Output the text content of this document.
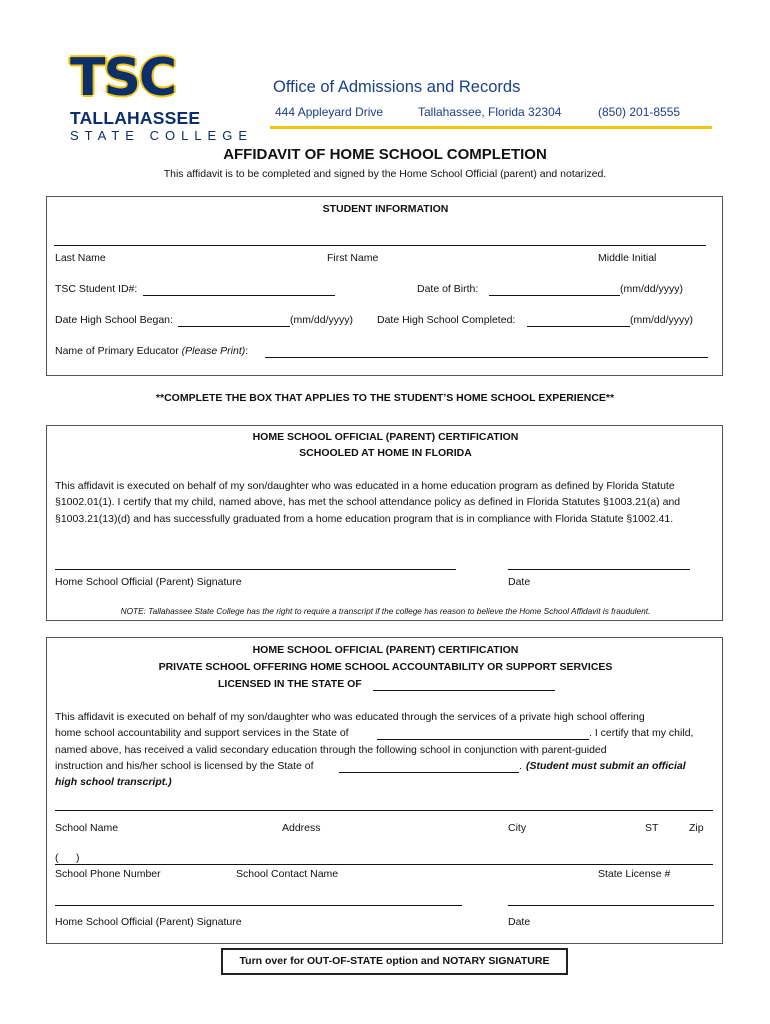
TSC
TALLAHASSEE
STATE COLLEGE
Office of Admissions and Records
444 Appleyard Drive	Tallahassee, Florida 32304	(850) 201-8555
AFFIDAVIT OF HOME SCHOOL COMPLETION
This affidavit is to be completed and signed by the Home School Official (parent) and notarized.
STUDENT INFORMATION
Last Name	First Name	Middle Initial
TSC Student ID#:	Date of Birth:	(mm/dd/yyyy)
Date High School Began:	(mm/dd/yyyy) Date High School Completed:	(mm/dd/yyyy)
Name of Primary Educator (Please Print):
**COMPLETE THE BOX THAT APPLIES TO THE STUDENT’S HOME SCHOOL EXPERIENCE**
HOME SCHOOL OFFICIAL (PARENT) CERTIFICATION
SCHOOLED AT HOME IN FLORIDA
This affidavit is executed on behalf of my son/daughter who was educated in a home education program as defined by Florida Statute §1002.01(1). I certify that my child, named above, has met the school attendance policy as defined in Florida Statutes §1003.21(a) and §1003.21(13)(d) and has successfully graduated from a home education program that is in compliance with Florida Statute §1002.41.
Home School Official (Parent) Signature	Date
NOTE: Tallahassee State College has the right to require a transcript if the college has reason to believe the Home School Affidavit is fraudulent.
HOME SCHOOL OFFICIAL (PARENT) CERTIFICATION
PRIVATE SCHOOL OFFERING HOME SCHOOL ACCOUNTABILITY OR SUPPORT SERVICES
LICENSED IN THE STATE OF
This affidavit is executed on behalf of my son/daughter who was educated through the services of a private high school offering
home school accountability and support services in the State of	. I certify that my child,
named above, has received a valid secondary education through the following school in conjunction with parent-guided
instruction and his/her school is licensed by the State of	. (Student must submit an official
high school transcript.)
School Name	Address	City	ST	Zip
(      )
School Phone Number	School Contact Name	State License #
Home School Official (Parent) Signature	Date
Turn over for OUT-OF-STATE option and NOTARY SIGNATURE
